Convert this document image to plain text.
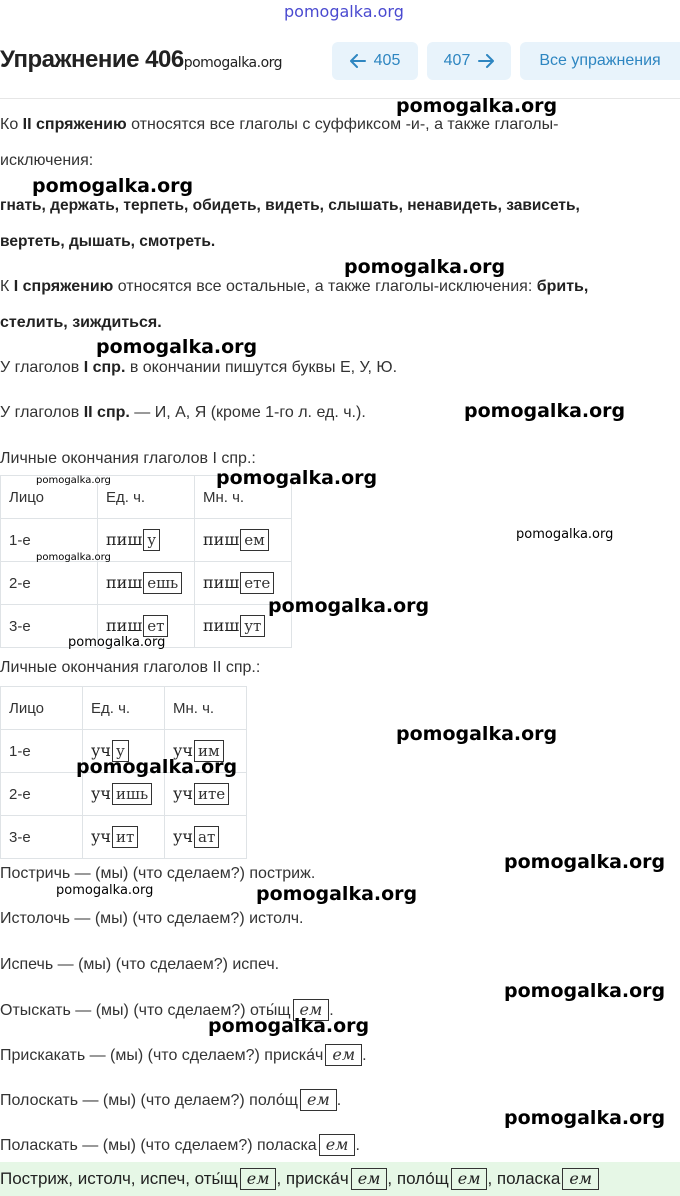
pomogalka.org
Упражнение 406pomogalka.org	405	407	Все упражнения
Ко II спряжению относятся все глаголы с суффиксом -и-, а также глаголы-
исключения:
гнать, держать, терпеть, обидеть, видеть, слышать, ненавидеть, зависеть,
вертеть, дышать, смотреть.
К I спряжению относятся все остальные, а также глаголы-исключения: брить,
стелить, зиждиться.
У глаголов I спр. в окончании пишутся буквы Е, У, Ю.
У глаголов II спр. — И, А, Я (кроме 1-го л. ед. ч.).
Личные окончания глаголов I спр.:
Лицо	Ед. ч.	Мн. ч.
1-е	пиш у	пиш ем
2-е	пиш ешь	пиш ете
3-е	пиш ет	пиш ут
Личные окончания глаголов II спр.:
Лицо	Ед. ч.	Мн. ч.
1-е	уч у	уч им
2-е	уч ишь	уч ите
3-е	уч ит	уч ат
Постричь — (мы) (что сделаем?) постриж.
Истолочь — (мы) (что сделаем?) истолч.
Испечь — (мы) (что сделаем?) испеч.
Отыскать — (мы) (что сделаем?) оты́щ ем .
Прискакать — (мы) (что сделаем?) приска́ч ем .
Полоскать — (мы) (что делаем?) поло́щ ем .
Поласкать — (мы) (что сделаем?) поласка ем .
Постриж, истолч, испеч, оты́щ ем , приска́ч ем , поло́щ ем , поласка ем
pomogalka.org
pomogalka.org
pomogalka.org
pomogalka.org
pomogalka.org
pomogalka.org
pomogalka.org
pomogalka.org
pomogalka.org
pomogalka.org
pomogalka.org
pomogalka.org
pomogalka.org
pomogalka.org
pomogalka.org	pomogalka.org
pomogalka.org
pomogalka.org
pomogalka.org
